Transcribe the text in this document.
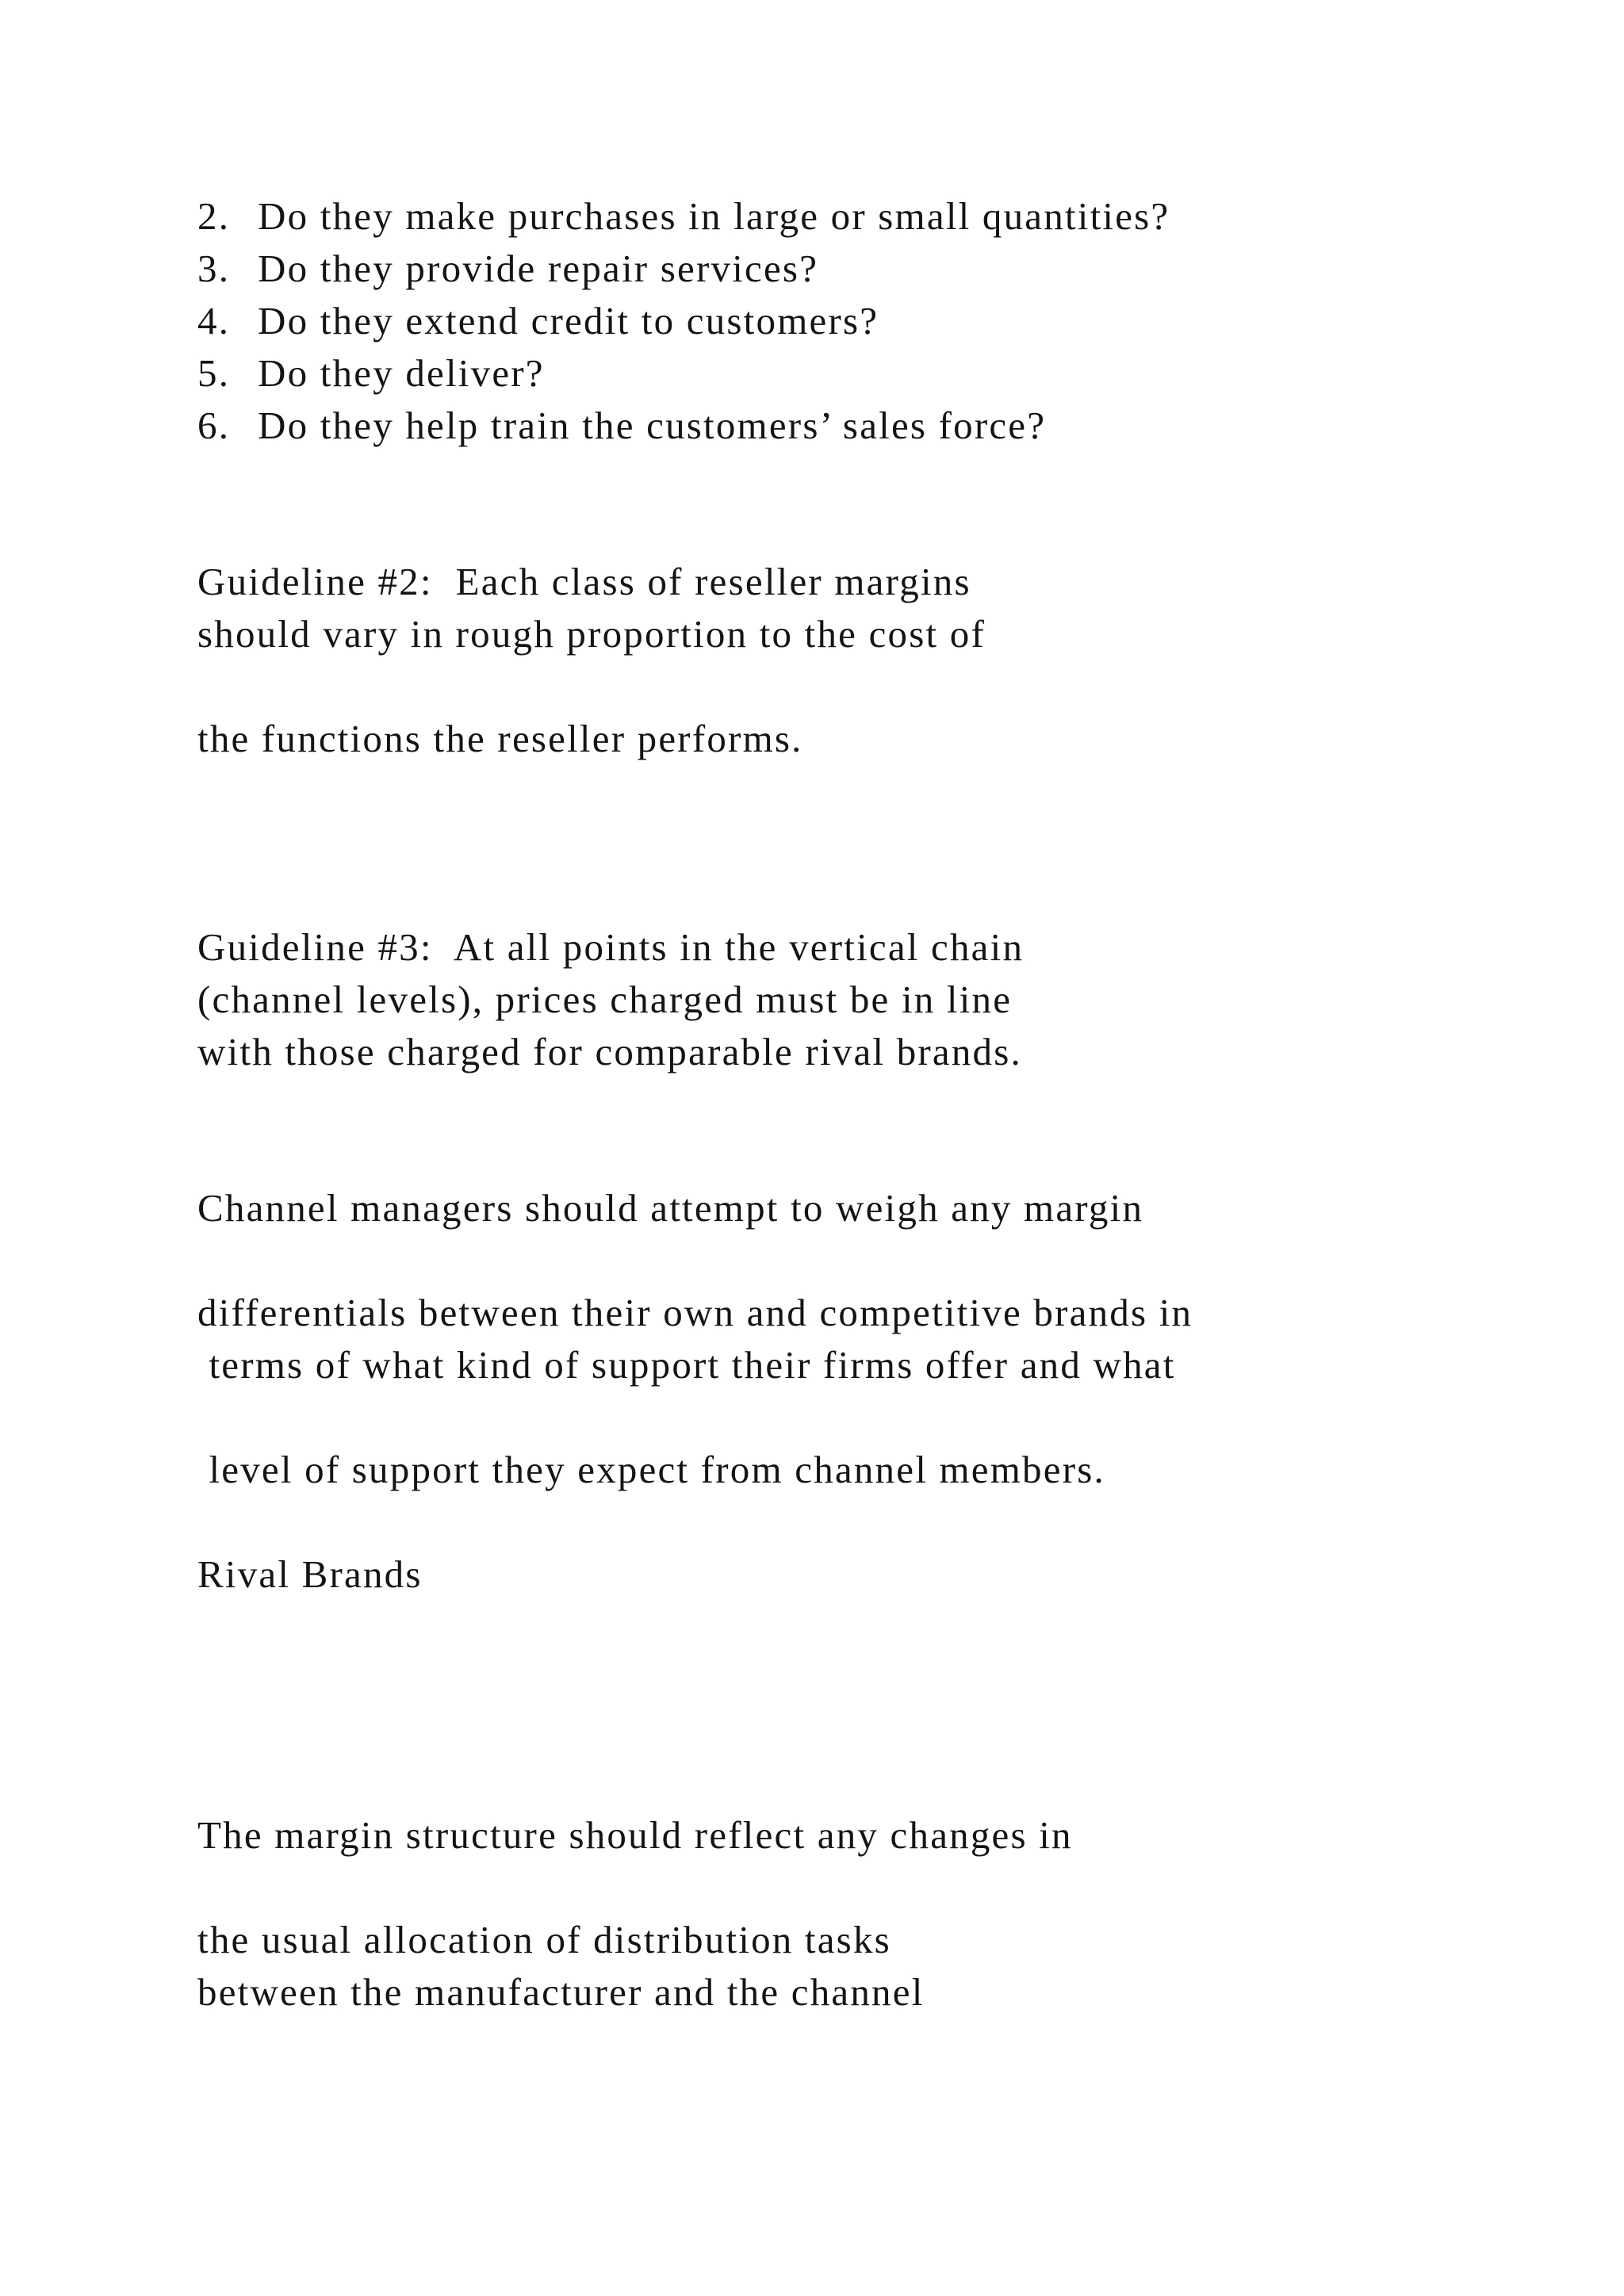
2. Do they make purchases in large or small quantities?
3. Do they provide repair services?
4. Do they extend credit to customers?
5. Do they deliver?
6. Do they help train the customers’ sales force?
Guideline #2:  Each class of reseller margins
should vary in rough proportion to the cost of
the functions the reseller performs.
Guideline #3:  At all points in the vertical chain
(channel levels), prices charged must be in line
with those charged for comparable rival brands.
Channel managers should attempt to weigh any margin
differentials between their own and competitive brands in
terms of what kind of support their firms offer and what
level of support they expect from channel members.
Rival Brands
The margin structure should reflect any changes in
the usual allocation of distribution tasks
between the manufacturer and the channel
